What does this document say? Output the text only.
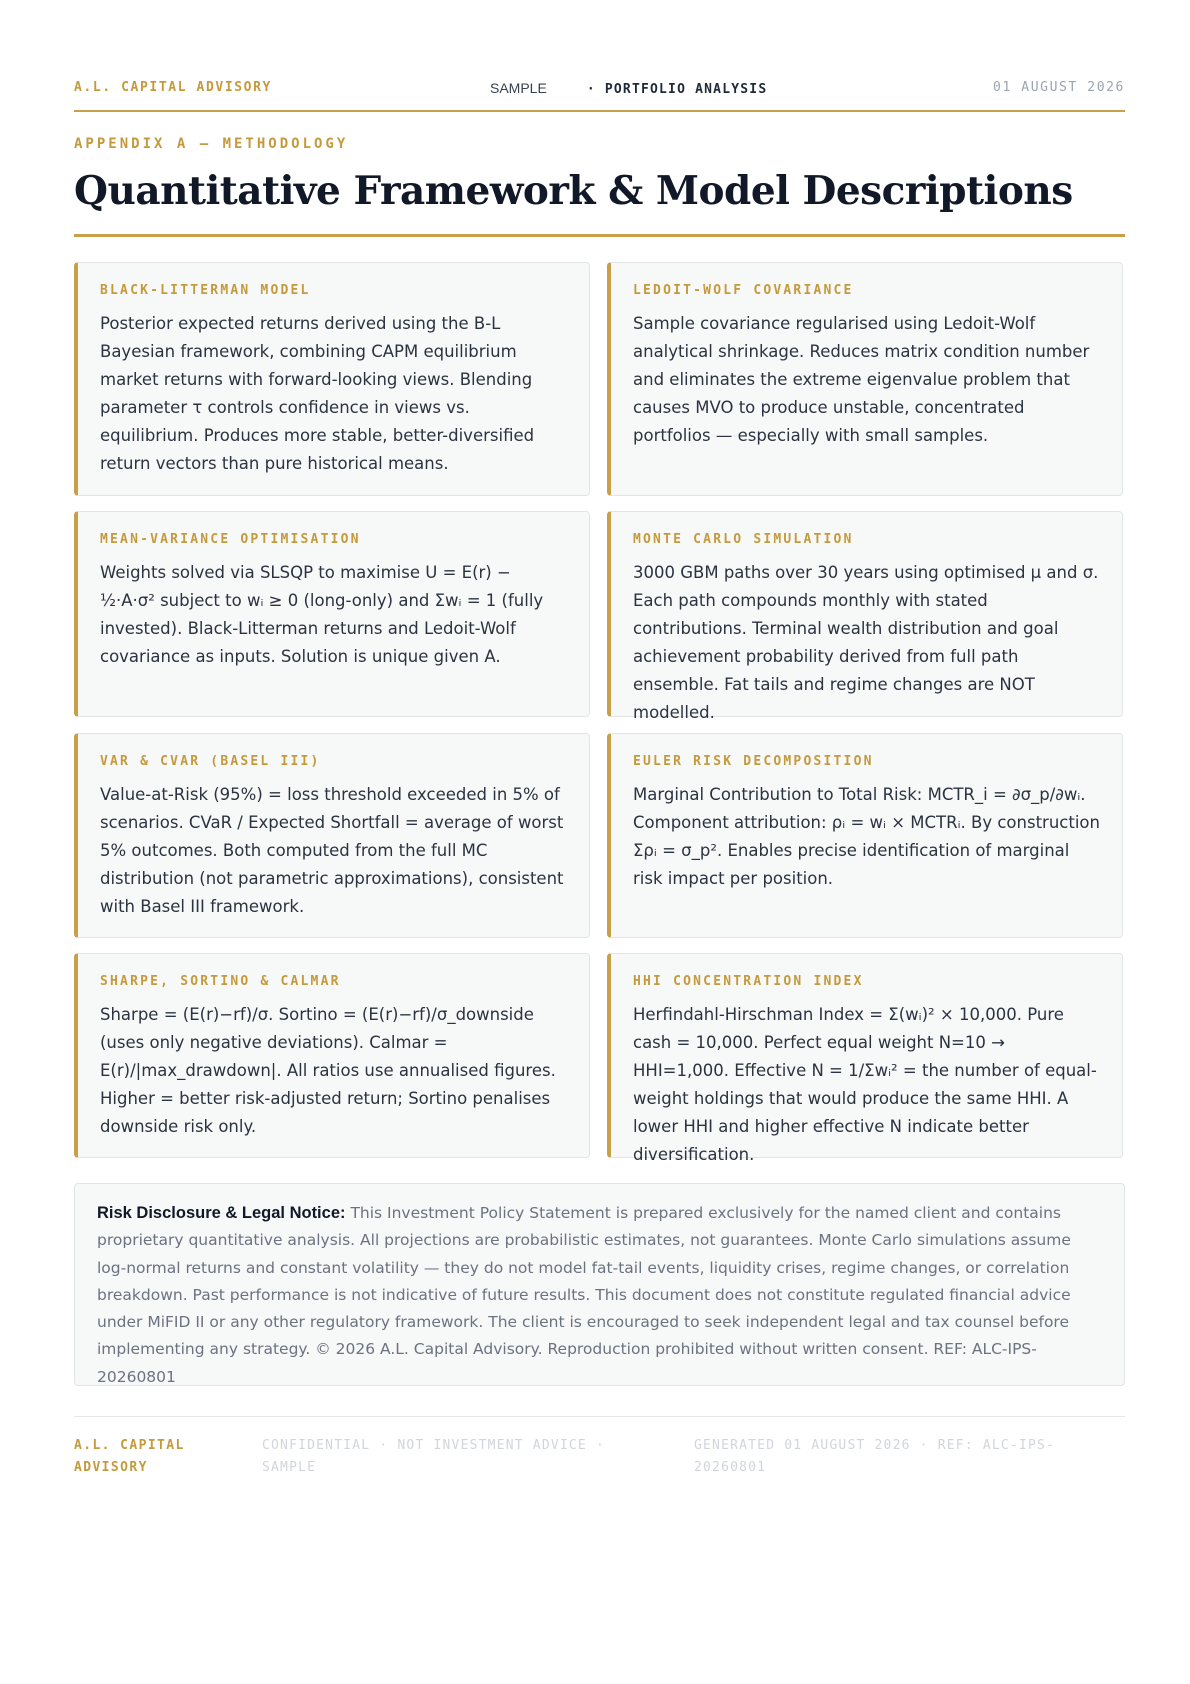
A.L. CAPITAL ADVISORY	SAMPLE	· PORTFOLIO ANALYSIS	01 AUGUST 2026
APPENDIX A — METHODOLOGY
Quantitative Framework & Model Descriptions
BLACK-LITTERMAN MODEL
Posterior expected returns derived using the B-L Bayesian framework, combining CAPM equilibrium market returns with forward-looking views. Blending parameter τ controls confidence in views vs. equilibrium. Produces more stable, better-diversified return vectors than pure historical means.
LEDOIT-WOLF COVARIANCE
Sample covariance regularised using Ledoit-Wolf analytical shrinkage. Reduces matrix condition number and eliminates the extreme eigenvalue problem that causes MVO to produce unstable, concentrated portfolios — especially with small samples.
MEAN-VARIANCE OPTIMISATION
Weights solved via SLSQP to maximise U = E(r) − ½·A·σ² subject to wᵢ ≥ 0 (long-only) and Σwᵢ = 1 (fully invested). Black-Litterman returns and Ledoit-Wolf covariance as inputs. Solution is unique given A.
MONTE CARLO SIMULATION
3000 GBM paths over 30 years using optimised μ and σ. Each path compounds monthly with stated contributions. Terminal wealth distribution and goal achievement probability derived from full path ensemble. Fat tails and regime changes are NOT modelled.
VAR & CVAR (BASEL III)
Value-at-Risk (95%) = loss threshold exceeded in 5% of scenarios. CVaR / Expected Shortfall = average of worst 5% outcomes. Both computed from the full MC distribution (not parametric approximations), consistent with Basel III framework.
EULER RISK DECOMPOSITION
Marginal Contribution to Total Risk: MCTR_i = ∂σ_p/∂wᵢ. Component attribution: ρᵢ = wᵢ × MCTRᵢ. By construction Σρᵢ = σ_p². Enables precise identification of marginal risk impact per position.
SHARPE, SORTINO & CALMAR
Sharpe = (E(r)−rf)/σ. Sortino = (E(r)−rf)/σ_downside (uses only negative deviations). Calmar = E(r)/|max_drawdown|. All ratios use annualised figures. Higher = better risk-adjusted return; Sortino penalises downside risk only.
HHI CONCENTRATION INDEX
Herfindahl-Hirschman Index = Σ(wᵢ)² × 10,000. Pure cash = 10,000. Perfect equal weight N=10 → HHI=1,000. Effective N = 1/Σwᵢ² = the number of equal-weight holdings that would produce the same HHI. A lower HHI and higher effective N indicate better diversification.

Risk Disclosure & Legal Notice: This Investment Policy Statement is prepared exclusively for the named client and contains proprietary quantitative analysis. All projections are probabilistic estimates, not guarantees. Monte Carlo simulations assume log-normal returns and constant volatility — they do not model fat-tail events, liquidity crises, regime changes, or correlation breakdown. Past performance is not indicative of future results. This document does not constitute regulated financial advice under MiFID II or any other regulatory framework. The client is encouraged to seek independent legal and tax counsel before implementing any strategy. © 2026 A.L. Capital Advisory. Reproduction prohibited without written consent. REF: ALC-IPS-20260801

A.L. CAPITAL ADVISORY
CONFIDENTIAL · NOT INVESTMENT ADVICE · SAMPLE
GENERATED 01 AUGUST 2026 · REF: ALC-IPS-20260801
